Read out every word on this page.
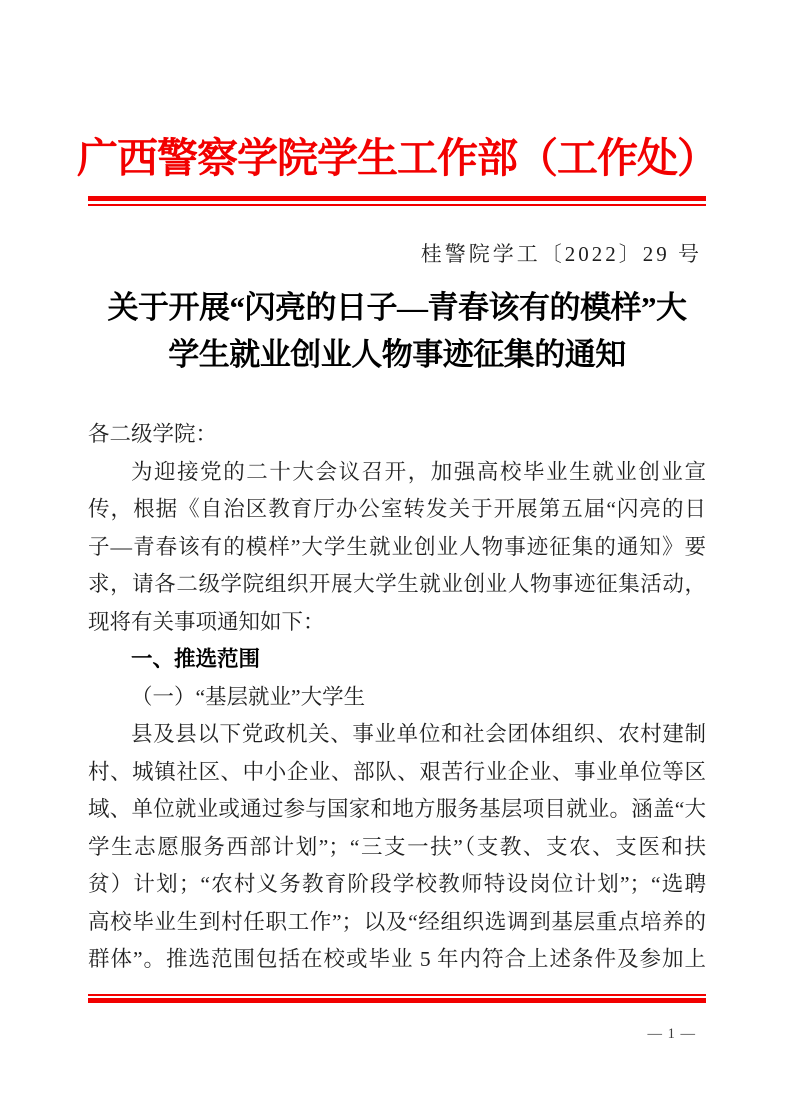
广西警察学院学生工作部（工作处）
桂警院学工〔2022〕29 号
关于开展“闪亮的日子—青春该有的模样”大
学生就业创业人物事迹征集的通知
各二级学院：
为迎接党的二十大会议召开，加强高校毕业生就业创业宣
传，根据《自治区教育厅办公室转发关于开展第五届“闪亮的日
子—青春该有的模样”大学生就业创业人物事迹征集的通知》要
求，请各二级学院组织开展大学生就业创业人物事迹征集活动，
现将有关事项通知如下：
一、推选范围
（一）“基层就业”大学生
县及县以下党政机关、事业单位和社会团体组织、农村建制
村、城镇社区、中小企业、部队、艰苦行业企业、事业单位等区
域、单位就业或通过参与国家和地方服务基层项目就业。涵盖“大
学生志愿服务西部计划”；“三支一扶”（支教、支农、支医和扶
贫）计划；“农村义务教育阶段学校教师特设岗位计划”；“选聘
高校毕业生到村任职工作”；以及“经组织选调到基层重点培养的
群体”。推选范围包括在校或毕业 5 年内符合上述条件及参加上
— 1 —
